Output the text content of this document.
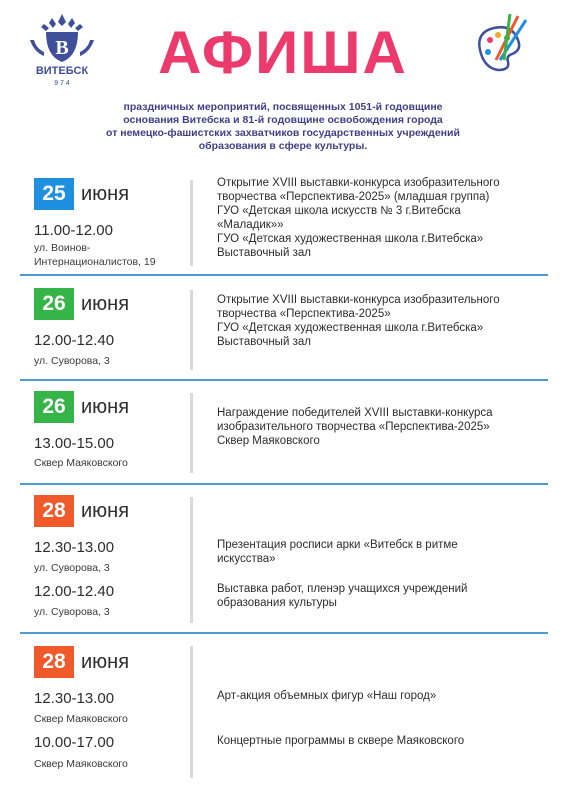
В
ВИТЕБСК
9 7 4	АФИША
праздничных мероприятий, посвященных 1051-й годовщине
основания Витебска и 81-й годовщине освобождения города
от немецко-фашистских захватчиков государственных учреждений
образования в сфере культуры.
25 июня
11.00-12.00
ул. Воинов-
Интернационалистов, 19
Открытие XVIII выставки-конкурса изобразительного
творчества «Перспектива-2025» (младшая группа)
ГУО «Детская школа искусств № 3 г.Витебска
«Маладик»»
ГУО «Детская художественная школа г.Витебска»
Выставочный зал
26 июня
12.00-12.40
ул. Суворова, 3
Открытие XVIII выставки-конкурса изобразительного
творчества «Перспектива-2025»
ГУО «Детская художественная школа г.Витебска»
Выставочный зал
26 июня
13.00-15.00
Сквер Маяковского
Награждение победителей XVIII выставки-конкурса
изобразительного творчества «Перспектива-2025»
Сквер Маяковского
28 июня
12.30-13.00
ул. Суворова, 3
12.00-12.40
ул. Суворова, 3
Презентация росписи арки «Витебск в ритме
искусства»
Выставка работ, пленэр учащихся учреждений
образования культуры
28 июня
12.30-13.00
Сквер Маяковского
10.00-17.00
Сквер Маяковского
Арт-акция объемных фигур «Наш город»
Концертные программы в сквере Маяковского
